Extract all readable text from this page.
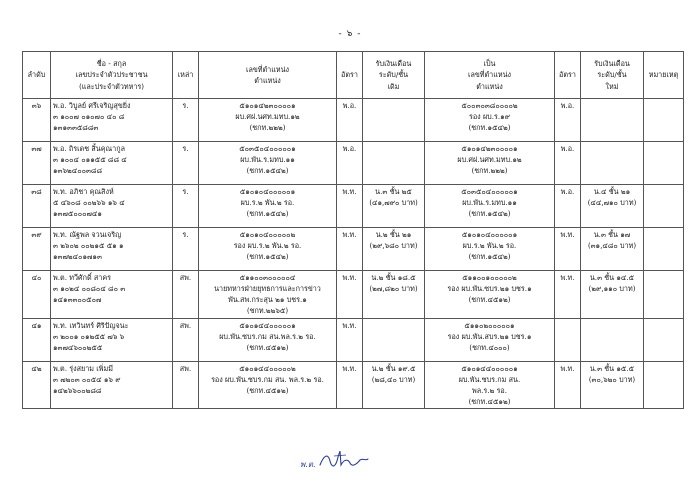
- ๖ -
ลำดับ	ชื่อ - สกุล
เลขประจำตัวประชาชน
(และประจำตัวทหาร)	เหล่า	เลขที่ตำแหน่ง
ตำแหน่ง	อัตรา	รับเงินเดือน
ระดับ/ชั้น
เดิม	เป็น
เลขที่ตำแหน่ง
ตำแหน่ง	อัตรา	รับเงินเดือน
ระดับ/ชั้น
ใหม่	หมายเหตุ
๓๖	พ.อ. วิบูลย์ ศรีเจริญสุขยิ่ง
๓ ๑๐๐๗ ๐๑๐๗๐ ๔๐ ๘
๑๓๑๓๓๕๘๘๓	ร.	๕๑๐๑๔๒๓๐๐๐๐๑
ผบ.ศฝ.นศท.มทบ.๑๒
(ชกท.๒๒๒)	พ.อ.		๕๐๐๓๐๓๘๐๐๐๐๒
รอง ผบ.ร.๑๙
(ชกท.๑๕๔๒)	พ.อ.		
๓๗	พ.อ. ถิรเดช สิ้นคุณากูล
๓ ๑๐๐๔ ๐๑๑๕๕ ๘๘ ๔
๑๓๖๒๔๐๐๓๘๘	ร.	๕๐๓๕๐๔๐๐๐๐๐๑
ผบ.พัน.ร.มทบ.๑๑
(ชกท.๑๕๔๒)	พ.อ.		๕๑๐๑๔๒๓๐๐๐๐๑
ผบ.ศฝ.นศท.มทบ.๑๒
(ชกท.๒๒๒)	พ.อ.		
๓๘	พ.ท. อภิชา คุณสิงห์
๕ ๔๖๐๘ ๐๐๒๖๖ ๑๖ ๔
๑๓๗๕๐๐๐๗๔๑	ร.	๕๑๐๑๐๔๐๐๐๐๐๑
ผบ.ร.๒ พัน.๒ รอ.
(ชกท.๑๕๔๒)	พ.ท.	น.๓ ชั้น ๒๕
(๔๑,๗๙๐ บาท)	๕๐๓๕๐๔๐๐๐๐๐๑
ผบ.พัน.ร.มทบ.๑๑
(ชกท.๑๕๔๒)	พ.อ.	น.๔ ชั้น ๒๑
(๔๔,๗๑๐ บาท)	

๓๙	พ.ท. ณัฐพล จวนเจริญ
๓ ๒๖๐๒ ๐๐๒๑๕ ๕๑ ๑
๑๓๗๒๔๐๑๗๑๓	ร.	๕๑๐๑๐๔๐๐๐๐๐๒
รอง ผบ.ร.๒ พัน.๒ รอ.
(ชกท.๑๕๔๒)	พ.ท.	น.๒ ชั้น ๒๑
(๒๙,๖๘๐ บาท)	๕๑๐๑๐๔๐๐๐๐๐๑
ผบ.ร.๒ พัน.๒ รอ.
(ชกท.๑๕๔๒)	พ.ท.	น.๓ ชั้น ๑๗
(๓๑,๔๘๐ บาท)	

๔๐	พ.ต. ทวีศักดิ์ สาคร
๓ ๑๐๒๔ ๐๐๘๐๔ ๘๐ ๓
๑๔๑๓๓๐๐๕๐๗	สพ.	๕๑๑๐๐๓๐๐๐๐๐๔
นายทหารฝ่ายยุทธการและการข่าว
พัน.สพ.กระสุน ๒๑ บชร.๑
(ชกท.๒๒๖๕)	พ.ท.	น.๒ ชั้น ๑๘.๕
(๒๗,๘๒๐ บาท)	๕๑๑๐๐๑๐๐๐๐๐๒
รอง ผบ.พัน.ซบร.๒๑ บชร.๑
(ชกท.๔๕๑๒)	พ.ท.	น.๓ ชั้น ๑๔.๕
(๒๙,๑๑๐ บาท)	

๔๑	พ.ท. เทวินทร์ ศิริปัญจนะ
๓ ๒๐๐๑ ๐๑๒๕๕ ๗๖ ๖
๑๓๗๔๖๐๐๒๕๕	สพ.	๕๑๐๑๔๔๐๐๐๐๐๑
ผบ.พัน.ซบร.กม สน.พล.ร.๒ รอ.
(ชกท.๔๕๑๒)	พ.ท.		๕๑๑๐๒๐๐๐๐๐๑
รอง ผบ.พัน.สบร.๒๑ บชร.๑
(ชกท.๔๐๐๐)			

๔๒	พ.ต. รุ่งสยาม เพิ่มมี
๓ ๗๒๐๓ ๐๐๕๔ ๑๖ ๙
๑๔๒๖๖๐๐๒๘๘	สพ.	๕๑๐๑๔๔๐๐๐๐๐๒
รอง ผบ.พัน.ซบร.กม สน. พล.ร.๒ รอ.
(ชกท.๔๕๑๒)	พ.ท.	น.๒ ชั้น ๑๙.๕
(๒๘,๔๐ บาท)	๕๑๐๑๔๔๐๐๐๐๐๑
ผบ.พัน.ซบร.กม สน.
พล.ร.๒ รอ.
(ชกท.๔๕๑๒)	พ.ท.	น.๓ ชั้น ๑๕.๕
(๓๐,๖๒๐ บาท)	

พ.ต.
